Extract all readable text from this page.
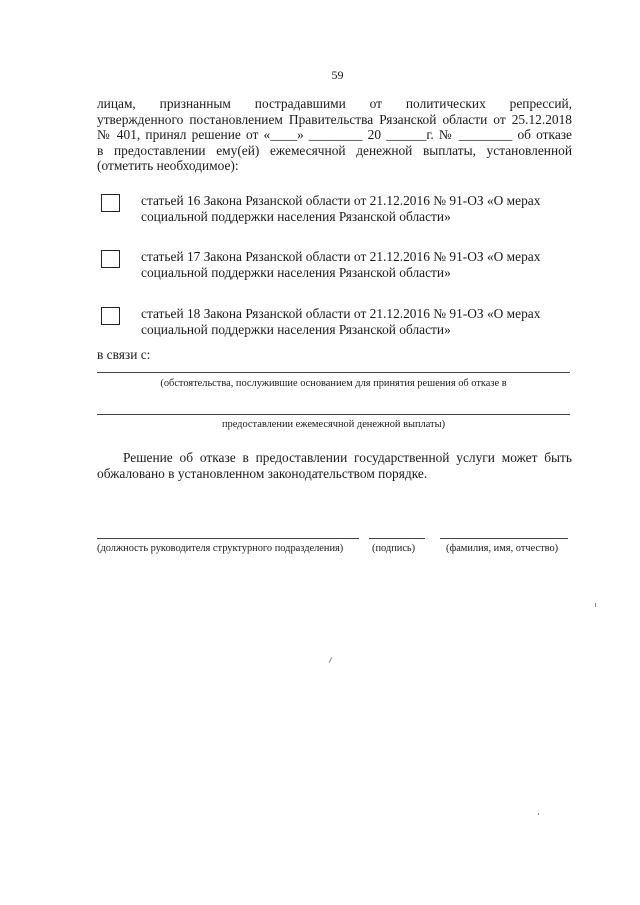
59
лицам, признанным пострадавшими от политических репрессий,
утвержденного постановлением Правительства Рязанской области от 25.12.2018
№ 401, принял решение от «____» ________ 20 ______г. № ________ об отказе
в предоставлении ему(ей) ежемесячной денежной выплаты, установленной
(отметить необходимое):
статьей 16 Закона Рязанской области от 21.12.2016 № 91-ОЗ «О мерах
социальной поддержки населения Рязанской области»
статьей 17 Закона Рязанской области от 21.12.2016 № 91-ОЗ «О мерах
социальной поддержки населения Рязанской области»
статьей 18 Закона Рязанской области от 21.12.2016 № 91-ОЗ «О мерах
социальной поддержки населения Рязанской области»
в связи с:
(обстоятельства, послужившие основанием для принятия решения об отказе в
предоставлении ежемесячной денежной выплаты)
Решение об отказе в предоставлении государственной услуги может быть обжаловано в установленном законодательством порядке.
(должность руководителя структурного подразделения)	(подпись)	(фамилия, имя, отчество)
